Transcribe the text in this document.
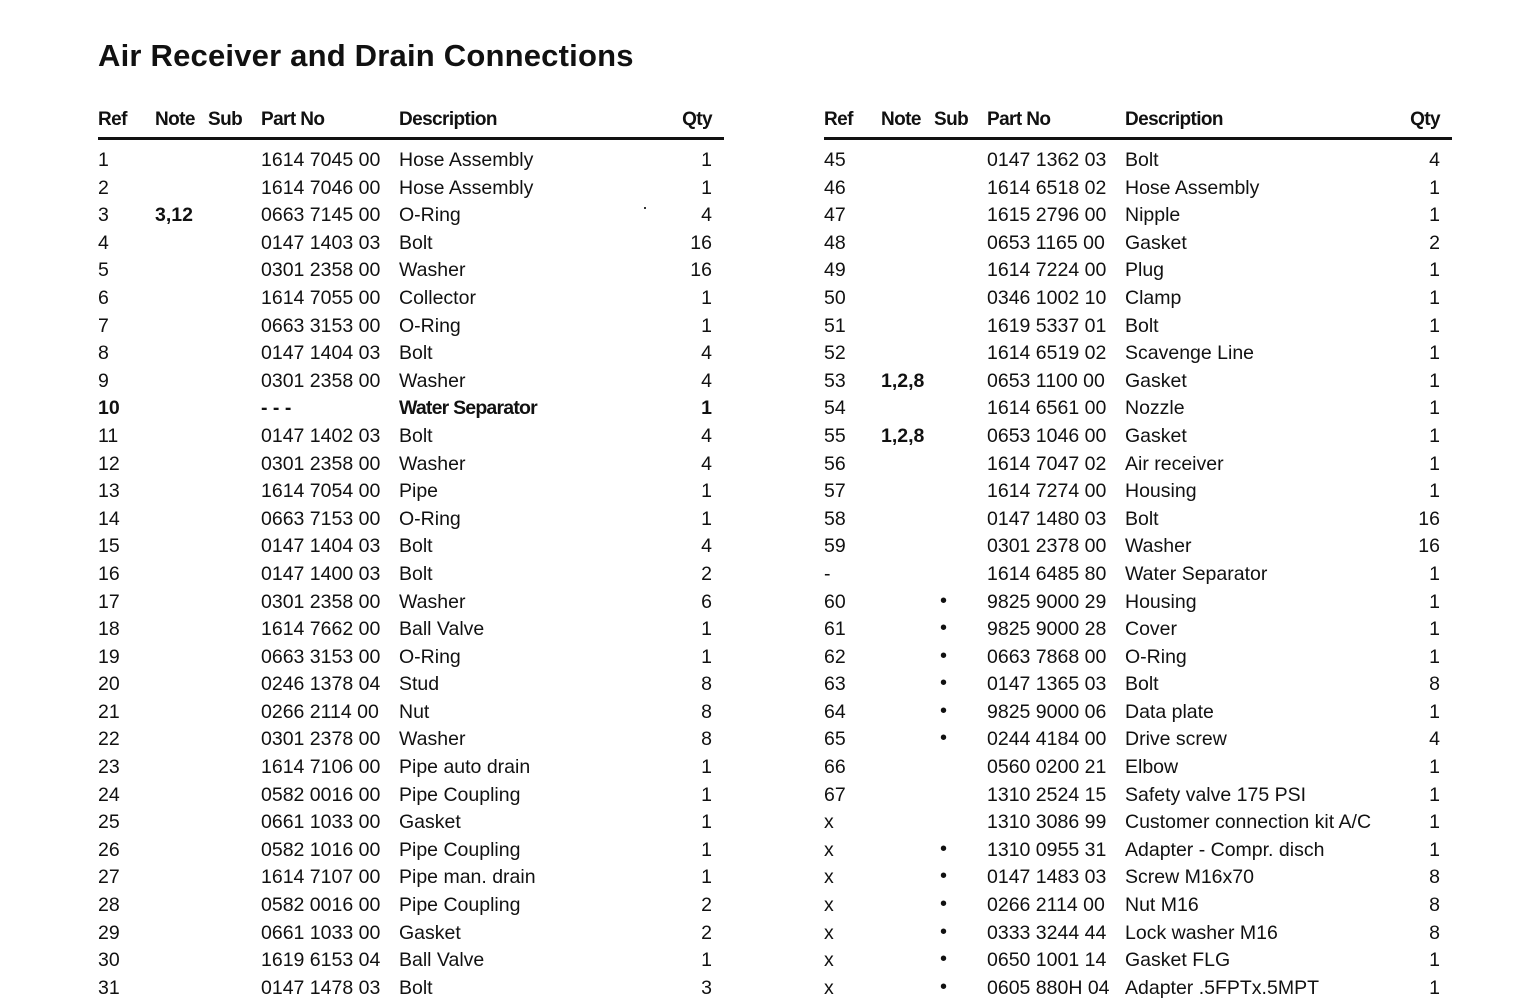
Air Receiver and Drain Connections
Ref Note Sub Part No	Description	Qty
1	1614 7045 00 Hose Assembly	1
2	1614 7046 00 Hose Assembly	1
3 3,12	0663 7145 00 O-Ring	4
4	0147 1403 03 Bolt	16
5	0301 2358 00 Washer	16
6	1614 7055 00 Collector	1
7	0663 3153 00 O-Ring	1
8	0147 1404 03 Bolt	4
9	0301 2358 00 Washer	4
10	- - -	Water Separator	1
11	0147 1402 03 Bolt	4
12	0301 2358 00 Washer	4
13	1614 7054 00 Pipe	1
14	0663 7153 00 O-Ring	1
15	0147 1404 03 Bolt	4
16	0147 1400 03 Bolt	2
17	0301 2358 00 Washer	6
18	1614 7662 00 Ball Valve	1
19	0663 3153 00 O-Ring	1
20	0246 1378 04 Stud	8
21	0266 2114 00 Nut	8
22	0301 2378 00 Washer	8
23	1614 7106 00 Pipe auto drain	1
24	0582 0016 00 Pipe Coupling	1
25	0661 1033 00 Gasket	1
26	0582 1016 00 Pipe Coupling	1
27	1614 7107 00 Pipe man. drain	1
28	0582 0016 00 Pipe Coupling	2
29	0661 1033 00 Gasket	2
30	1619 6153 04 Ball Valve	1
31	0147 1478 03 Bolt	3
Ref Note Sub Part No	Description	Qty
45	0147 1362 03 Bolt	4
46	1614 6518 02 Hose Assembly	1
47	1615 2796 00 Nipple	1
48	0653 1165 00 Gasket	2
49	1614 7224 00 Plug	1
50	0346 1002 10 Clamp	1
51	1619 5337 01 Bolt	1
52	1614 6519 02 Scavenge Line	1
53 1,2,8	0653 1100 00 Gasket	1
54	1614 6561 00 Nozzle	1
55 1,2,8	0653 1046 00 Gasket	1
56	1614 7047 02 Air receiver	1
57	1614 7274 00 Housing	1
58	0147 1480 03 Bolt	16
59	0301 2378 00 Washer	16
-	1614 6485 80 Water Separator	1
60	• 9825 9000 29 Housing	1
61	• 9825 9000 28 Cover	1
62	• 0663 7868 00 O-Ring	1
63	• 0147 1365 03 Bolt	8
64	• 9825 9000 06 Data plate	1
65	• 0244 4184 00 Drive screw	4
66	0560 0200 21 Elbow	1
67	1310 2524 15 Safety valve 175 PSI	1
x	1310 3086 99 Customer connection kit A/C	1
x	• 1310 0955 31 Adapter - Compr. disch	1
x	• 0147 1483 03 Screw M16x70	8
x	• 0266 2114 00 Nut M16	8
x	• 0333 3244 44 Lock washer M16	8
x	• 0650 1001 14 Gasket FLG	1
x	• 0605 880H 04 Adapter .5FPTx.5MPT	1
